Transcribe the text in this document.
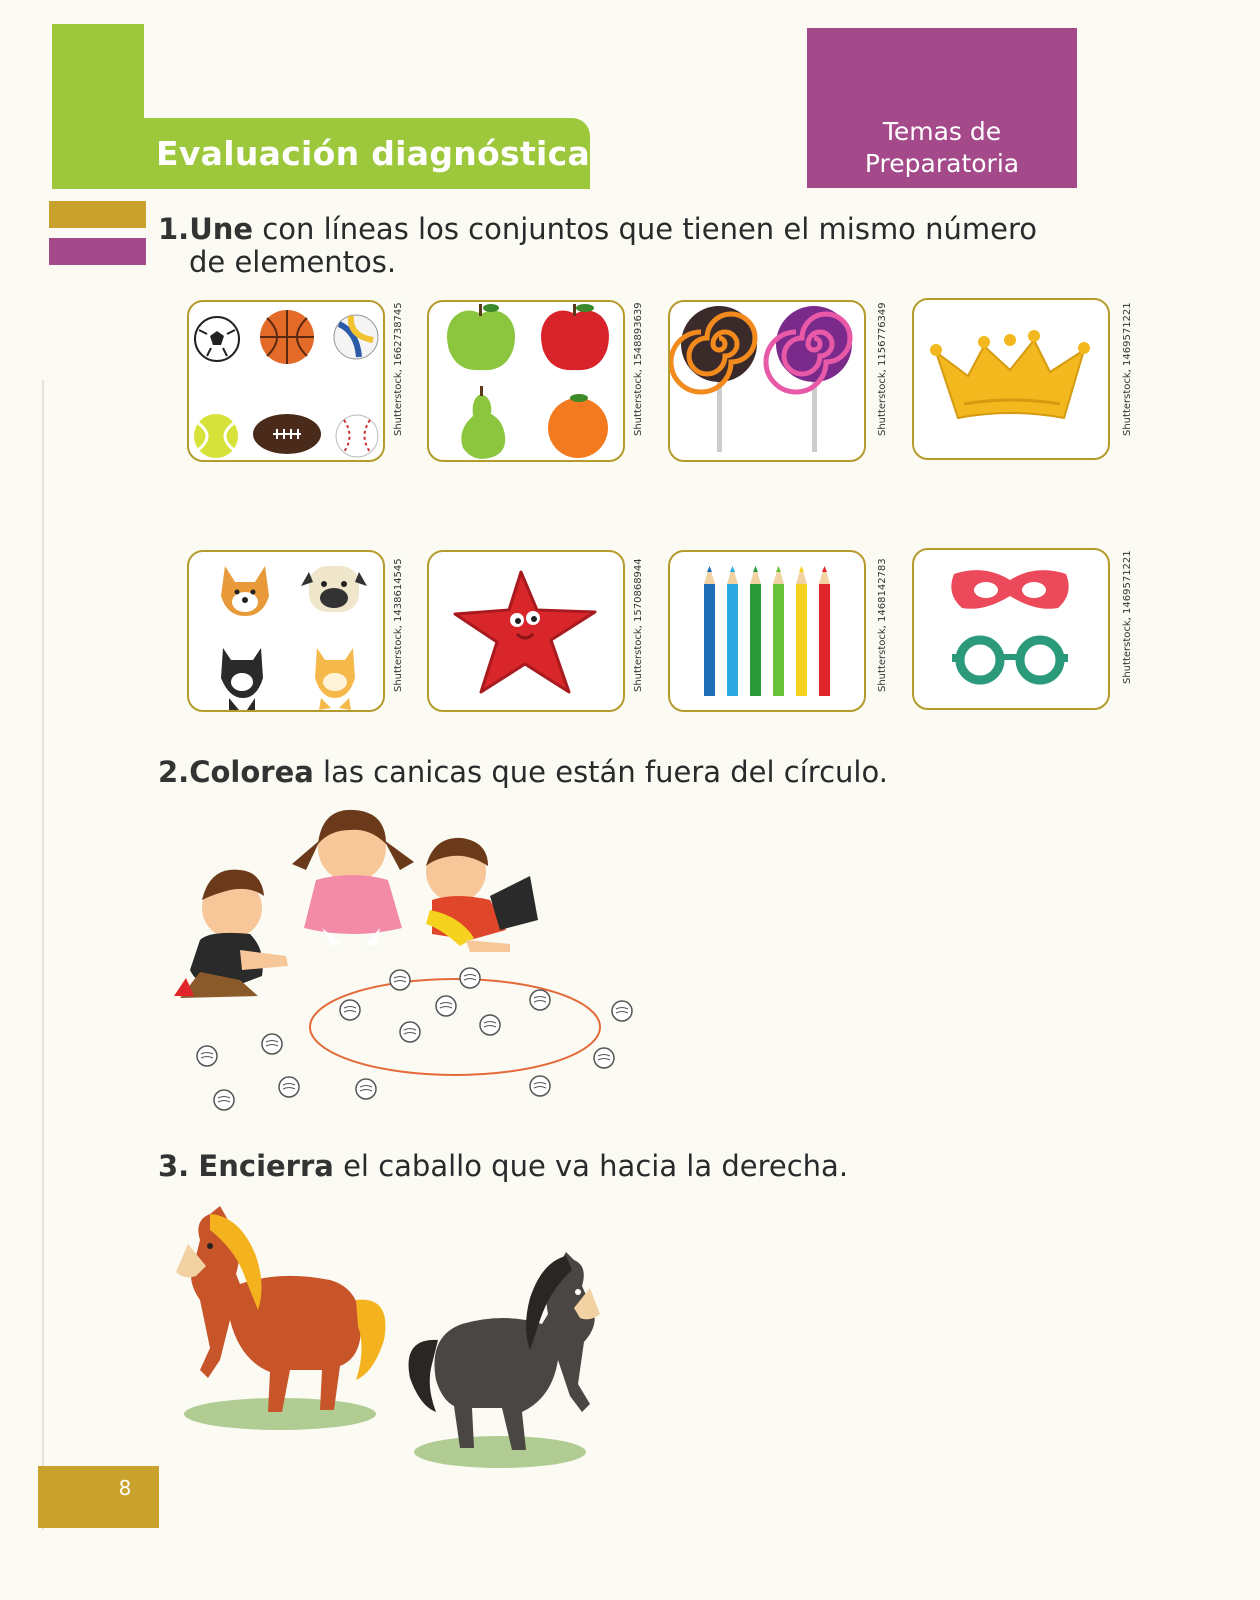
Evaluación diagnóstica
Temas de
Preparatoria
1.Une con líneas los conjuntos que tienen el mismo número
de elementos.
Shutterstock, 1662738745	Shutterstock, 1548893639	Shutterstock, 1156776349	Shutterstock, 1469571221
Shutterstock, 1438614545	Shutterstock, 1570868944	Shutterstock, 1468142783	Shutterstock, 1469571221
2.Colorea las canicas que están fuera del círculo.
3. Encierra el caballo que va hacia la derecha.
8
